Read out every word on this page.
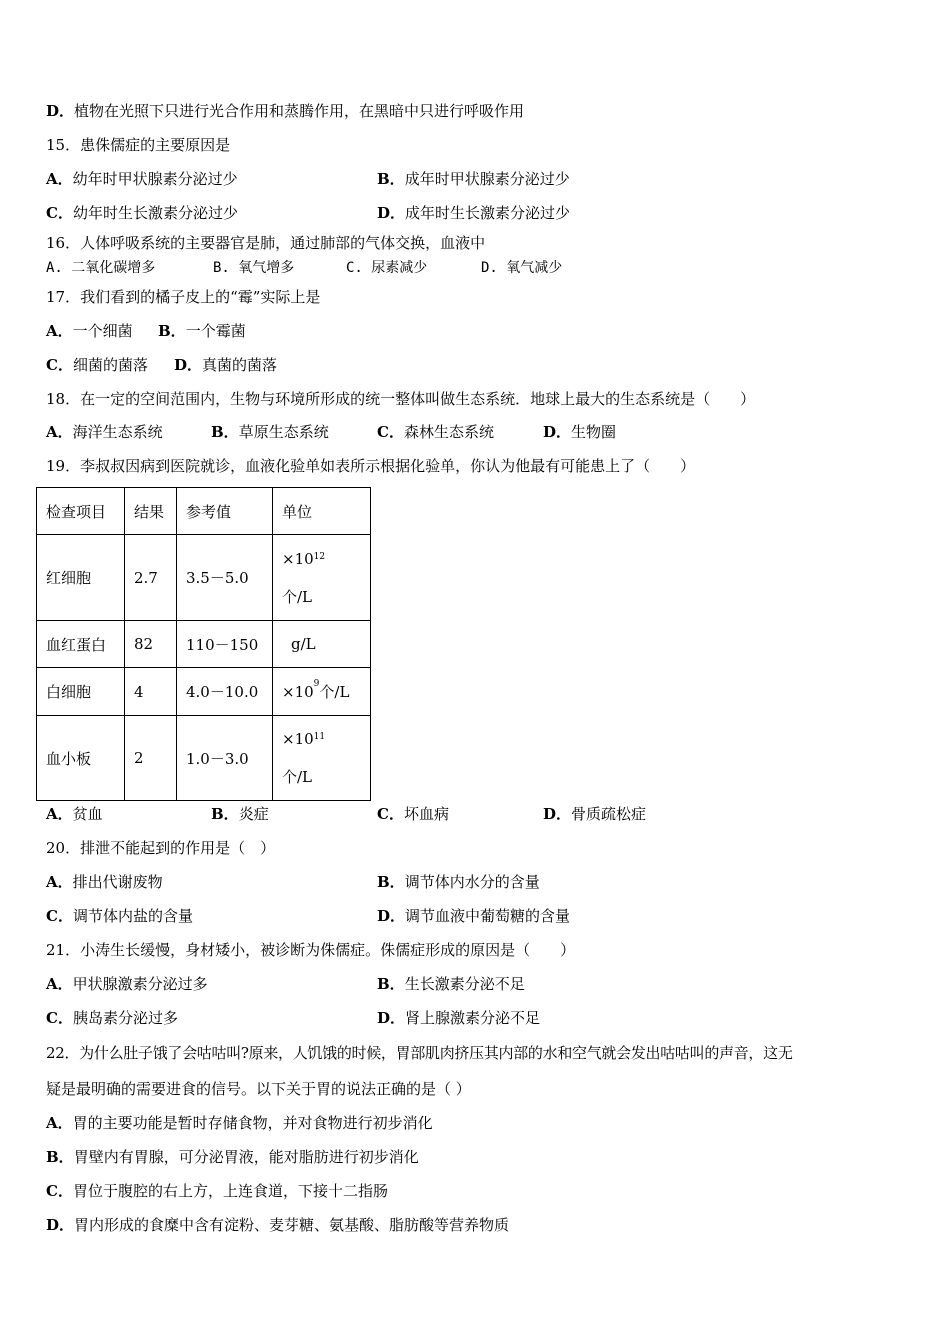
D．植物在光照下只进行光合作用和蒸腾作用，在黑暗中只进行呼吸作用
15．患侏儒症的主要原因是
A．幼年时甲状腺素分泌过少	B．成年时甲状腺素分泌过少
C．幼年时生长激素分泌过少	D．成年时生长激素分泌过少
16．人体呼吸系统的主要器官是肺，通过肺部的气体交换，血液中
A. 二氧化碳增多	B. 氧气增多	C. 尿素减少	D. 氧气减少
17．我们看到的橘子皮上的“霉”实际上是
A．一个细菌 B．一个霉菌
C．细菌的菌落 D．真菌的菌落
18．在一定的空间范围内，生物与环境所形成的统一整体叫做生态系统．地球上最大的生态系统是（　　）
A．海洋生态系统	B．草原生态系统	C．森林生态系统	D．生物圈
19．李叔叔因病到医院就诊，血液化验单如表所示根据化验单，你认为他最有可能患上了（　　）
检查项目	结果	参考值	单位
红细胞	2.7	3.5－5.0	$\times 10^{12}$
个/L
血红蛋白	82	110－150	g/L
白细胞	4	4.0－10.0	$\times 10^9$个/L
血小板	2	1.0－3.0	$\times 10^{11}$
个/L
A．贫血	B．炎症	C．坏血病	D．骨质疏松症
20．排泄不能起到的作用是（　）
A．排出代谢废物	B．调节体内水分的含量
C．调节体内盐的含量	D．调节血液中葡萄糖的含量
21．小涛生长缓慢，身材矮小，被诊断为侏儒症。侏儒症形成的原因是（　　）
A．甲状腺激素分泌过多	B．生长激素分泌不足
C．胰岛素分泌过多	D．肾上腺激素分泌不足
22．为什么肚子饿了会咕咕叫?原来，人饥饿的时候，胃部肌肉挤压其内部的水和空气就会发出咕咕叫的声音，这无
疑是最明确的需要进食的信号。以下关于胃的说法正确的是（ ）
A．胃的主要功能是暂时存储食物，并对食物进行初步消化
B．胃壁内有胃腺，可分泌胃液，能对脂肪进行初步消化
C．胃位于腹腔的右上方，上连食道，下接十二指肠
D．胃内形成的食糜中含有淀粉、麦芽糖、氨基酸、脂肪酸等营养物质
